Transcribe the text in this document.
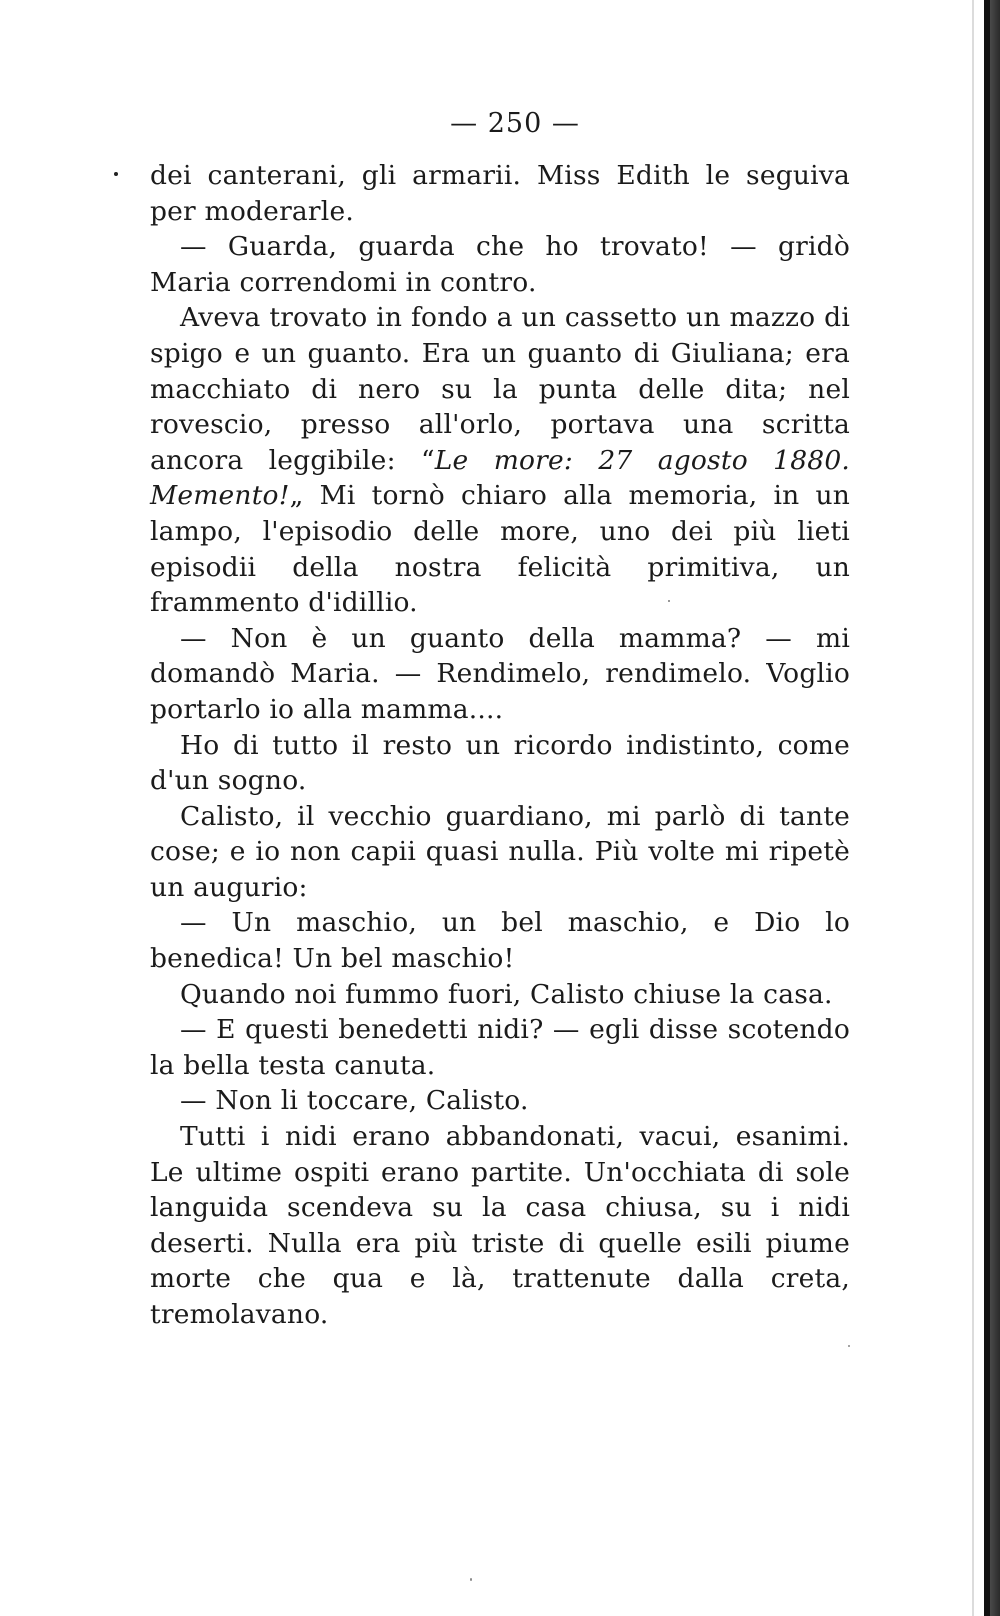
— 250 —

dei canterani, gli armarii. Miss Edith le seguiva per moderarle.

— Guarda, guarda che ho trovato! — gridò Maria correndomi in contro.

Aveva trovato in fondo a un cassetto un mazzo di spigo e un guanto. Era un guanto di Giuliana; era macchiato di nero su la punta delle dita; nel rovescio, presso all'orlo, portava una scritta ancora leggibile: “Le more: 27 agosto 1880. Memento!„ Mi tornò chiaro alla memoria, in un lampo, l'episodio delle more, uno dei più lieti episodii della nostra felicità primitiva, un frammento d'idillio.

— Non è un guanto della mamma? — mi domandò Maria. — Rendimelo, rendimelo. Voglio portarlo io alla mamma....

Ho di tutto il resto un ricordo indistinto, come d'un sogno.

Calisto, il vecchio guardiano, mi parlò di tante cose; e io non capii quasi nulla. Più volte mi ripetè un augurio:

— Un maschio, un bel maschio, e Dio lo benedica! Un bel maschio!

Quando noi fummo fuori, Calisto chiuse la casa.

— E questi benedetti nidi? — egli disse scotendo la bella testa canuta.

— Non li toccare, Calisto.

Tutti i nidi erano abbandonati, vacui, esanimi. Le ultime ospiti erano partite. Un'occhiata di sole languida scendeva su la casa chiusa, su i nidi deserti. Nulla era più triste di quelle esili piume morte che qua e là, trattenute dalla creta, tremolavano.
